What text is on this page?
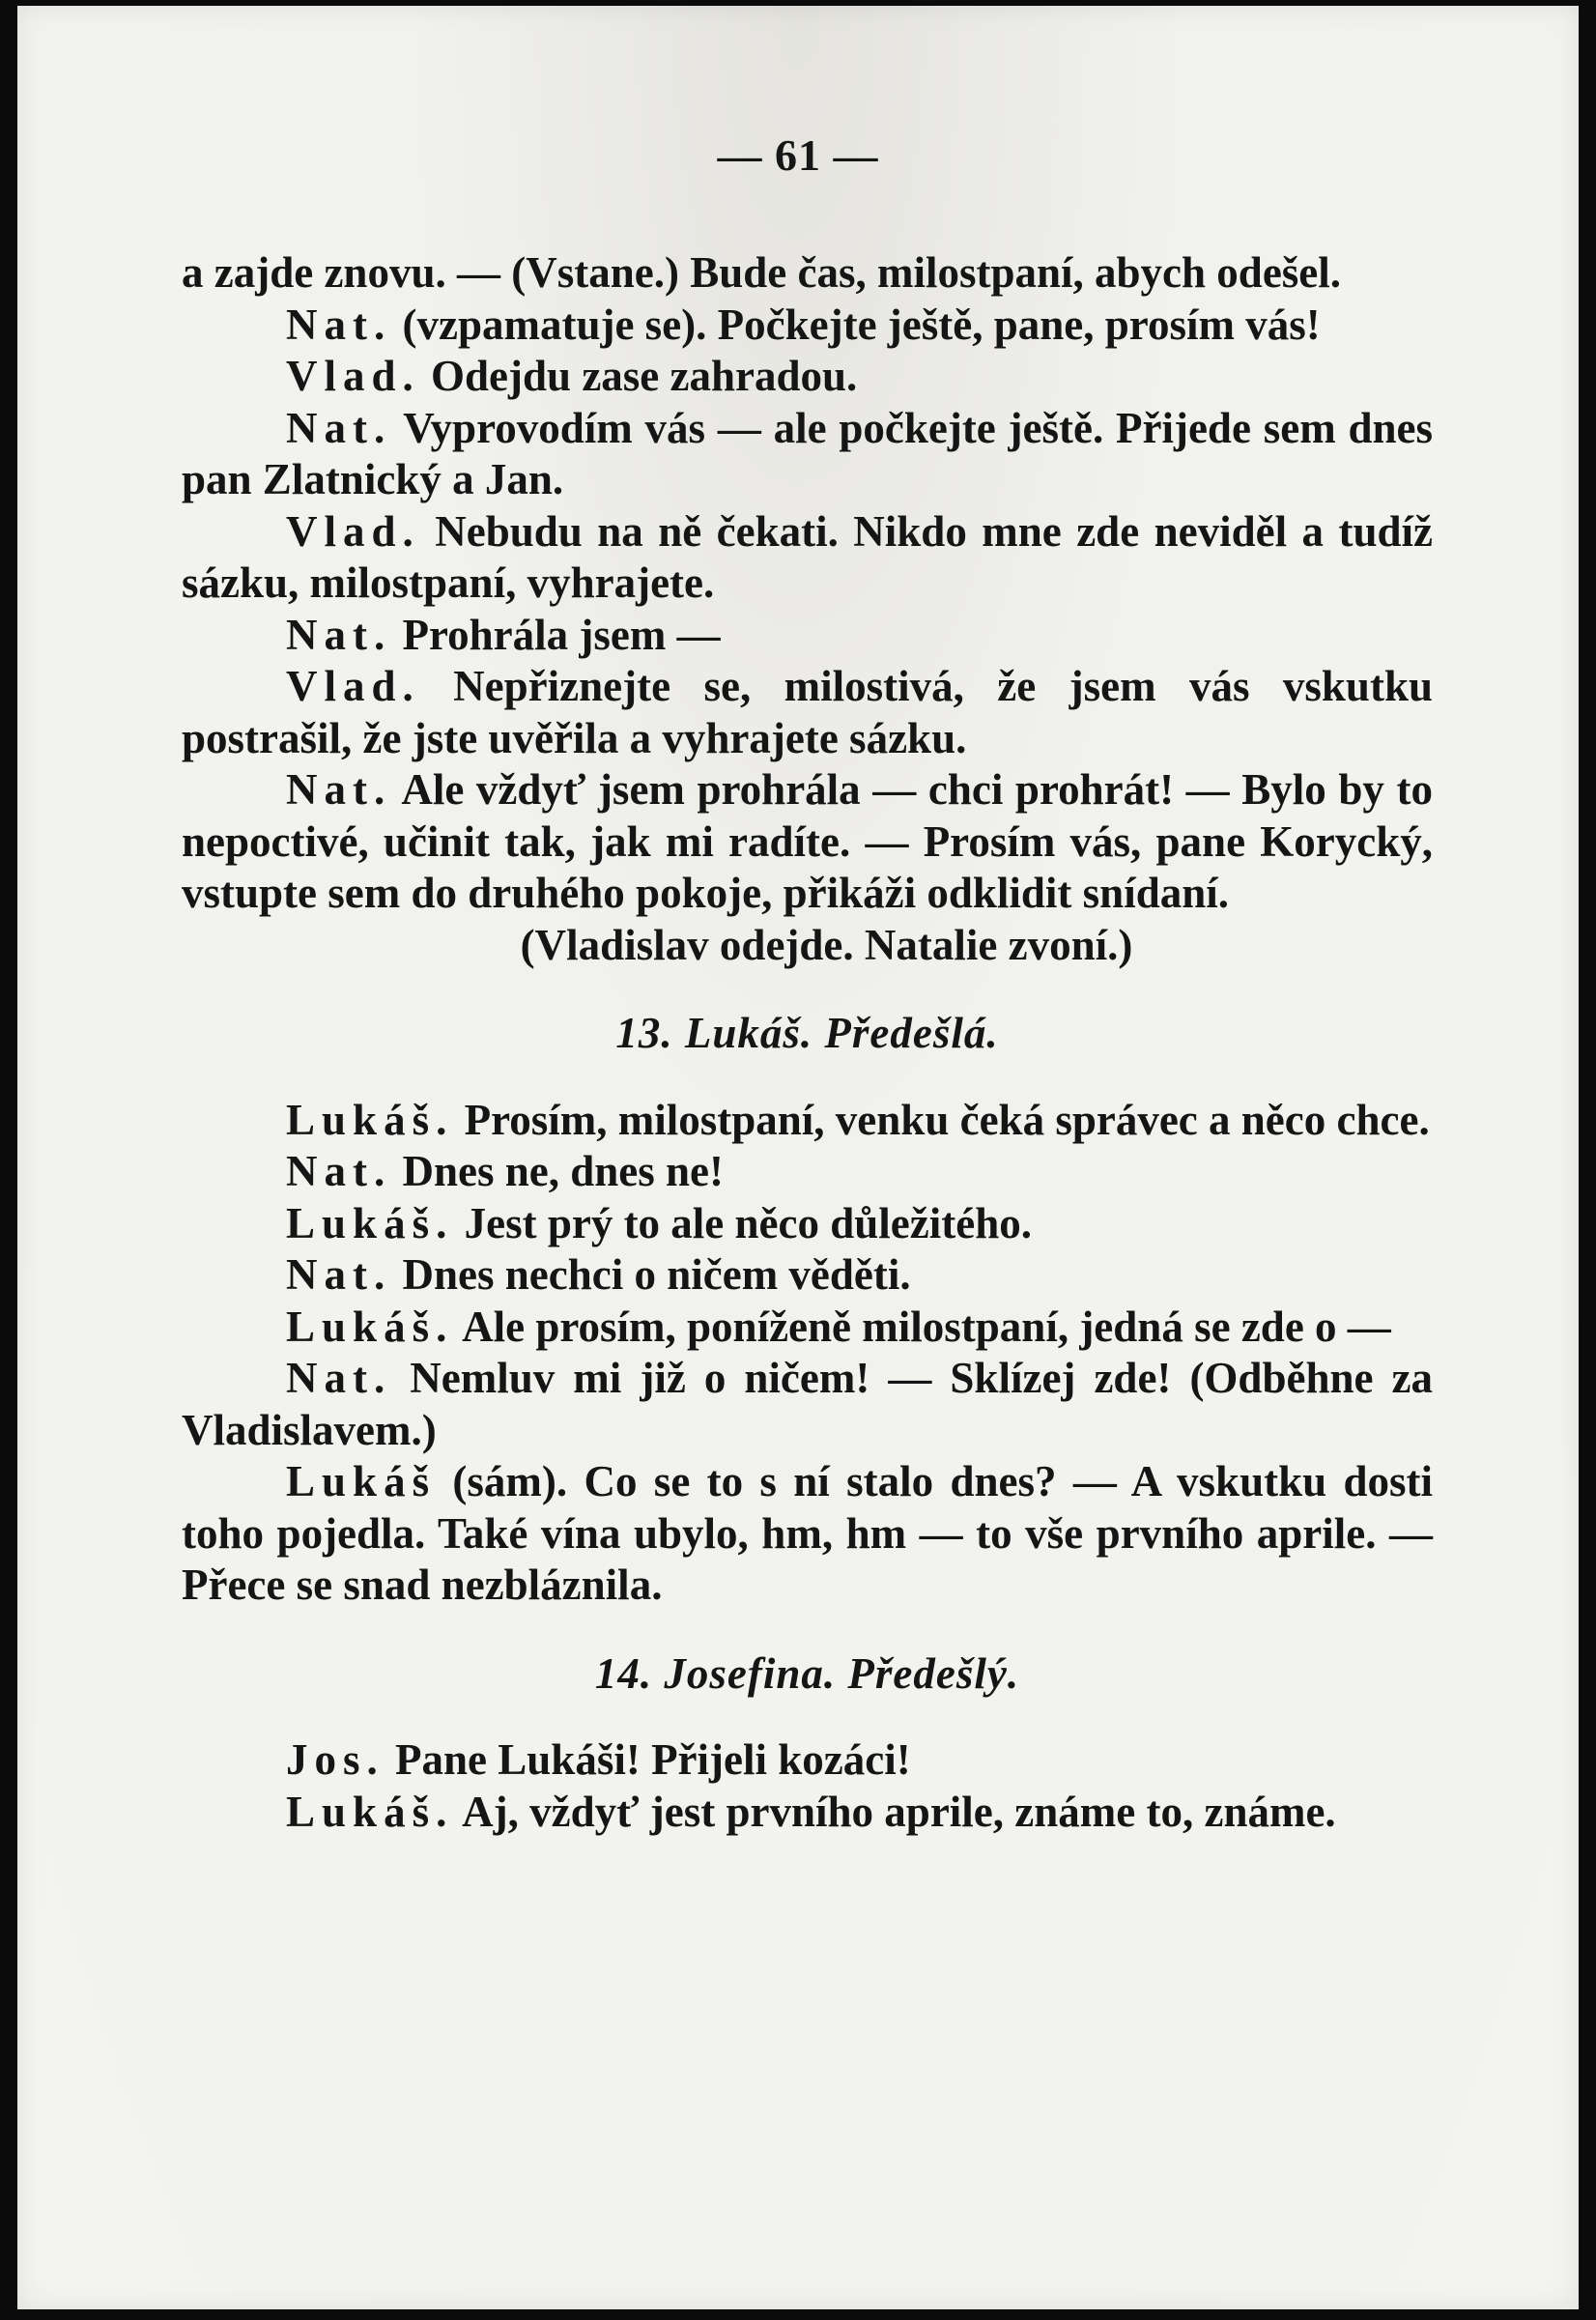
— 61 —

a zajde znovu. — (Vstane.) Bude čas, milostpaní, abych odešel.

Nat. (vzpamatuje se). Počkejte ještě, pane, prosím vás!

Vlad. Odejdu zase zahradou.

Nat. Vyprovodím vás — ale počkejte ještě. Přijede sem dnes pan Zlatnický a Jan.

Vlad. Nebudu na ně čekati. Nikdo mne zde neviděl a tudíž sázku, milostpaní, vyhrajete.

Nat. Prohrála jsem —

Vlad. Nepřiznejte se, milostivá, že jsem vás vskutku postrašil, že jste uvěřila a vyhrajete sázku.

Nat. Ale vždyť jsem prohrála — chci prohrát! — Bylo by to nepoctivé, učinit tak, jak mi radíte. — Prosím vás, pane Korycký, vstupte sem do druhého pokoje, přikáži odklidit snídaní.

(Vladislav odejde. Natalie zvoní.)

13. Lukáš. Předešlá.

Lukáš. Prosím, milostpaní, venku čeká správec a něco chce.

Nat. Dnes ne, dnes ne!

Lukáš. Jest prý to ale něco důležitého.

Nat. Dnes nechci o ničem věděti.

Lukáš. Ale prosím, poníženě milostpaní, jedná se zde o —

Nat. Nemluv mi již o ničem! — Sklízej zde! (Odběhne za Vladislavem.)

Lukáš (sám). Co se to s ní stalo dnes? — A vskutku dosti toho pojedla. Také vína ubylo, hm, hm — to vše prvního aprile. — Přece se snad nezbláznila.

14. Josefina. Předešlý.

Jos. Pane Lukáši! Přijeli kozáci!

Lukáš. Aj, vždyť jest prvního aprile, známe to, známe.
